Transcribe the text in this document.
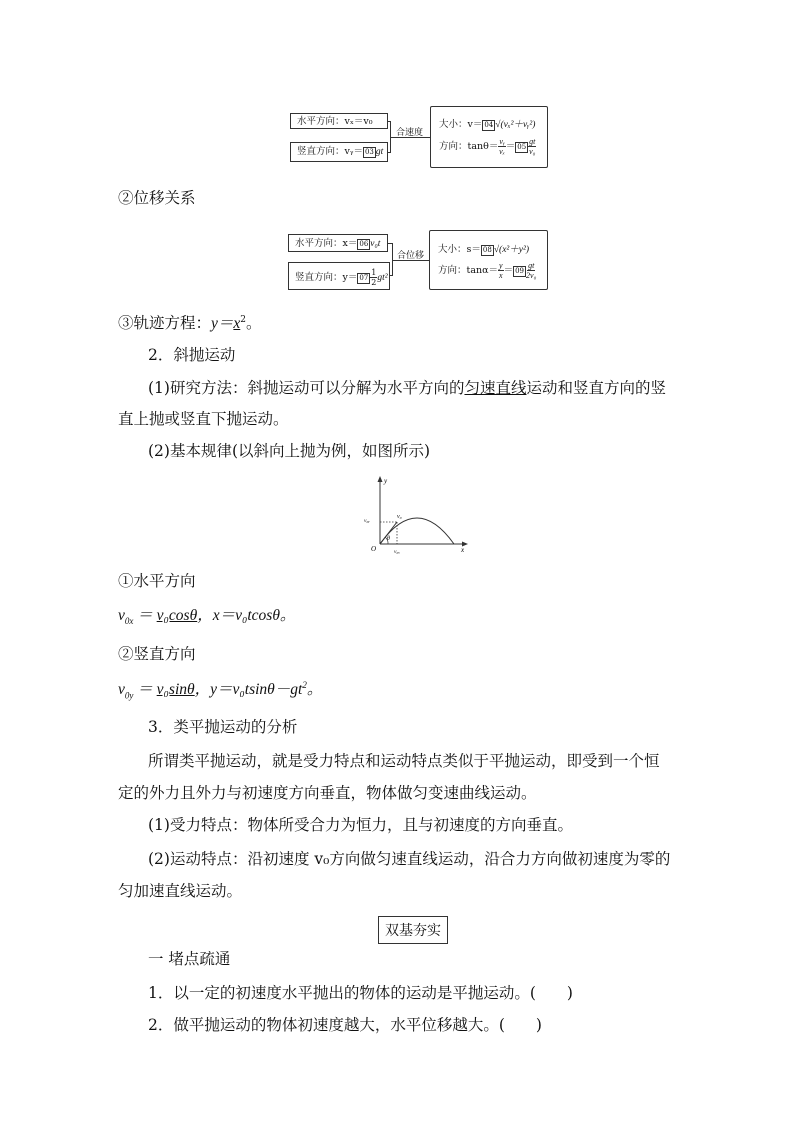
水平方向：vₓ＝v₀
竖直方向：vᵧ＝ 03 gt
合速度
大小：v＝ 04 √(vₓ²＋vᵧ²)
方向：$\tan\theta= \frac{\text{vᵧ}}{\text{vₓ}} = 05 \frac{gt}{\text{v₀}}$
②位移关系
水平方向：x＝ 06 v₀t
竖直方向：$y= 07 \frac{1}{2} gt^2$
合位移
大小：s＝ 08 √(x²＋y²)
方向：$\tan\alpha= \frac{y}{x} = 09 \frac{gt}{\text{2v₀}}$
③轨迹方程：$y=x^2$。
2．斜抛运动
(1)研究方法：斜抛运动可以分解为水平方向的匀速直线运动和竖直方向的竖
直上抛或竖直下抛运动。
(2)基本规律(以斜向上抛为例，如图所示)
y
x
O
v₀
v₀ᵧ
v₀ₓ
θ
①水平方向
$v_{0x} = v_0\cos\theta$，x＝v₀tcosθ。
②竖直方向
$v_{0y} = v_0\sin\theta$，$y=v_0tsin\theta-gt^2$。
3．类平抛运动的分析
所谓类平抛运动，就是受力特点和运动特点类似于平抛运动，即受到一个恒
定的外力且外力与初速度方向垂直，物体做匀变速曲线运动。
(1)受力特点：物体所受合力为恒力，且与初速度的方向垂直。
(2)运动特点：沿初速度 v₀方向做匀速直线运动，沿合力方向做初速度为零的
匀加速直线运动。
双基夯实
一 堵点疏通
1．以一定的初速度水平抛出的物体的运动是平抛运动。(　　)
2．做平抛运动的物体初速度越大，水平位移越大。(　　)
